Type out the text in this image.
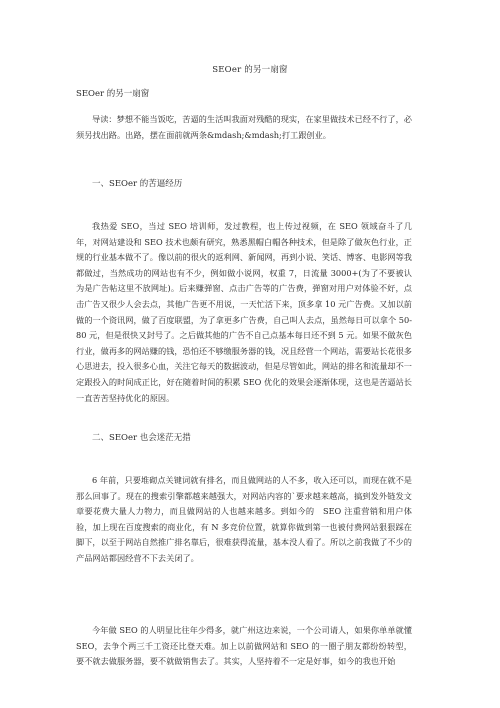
SEOer 的另一扇窗
SEOer 的另一扇窗

导读：梦想不能当饭吃，苦逼的生活叫我面对残酷的现实，在家里做技术已经不行了，必须另找出路。出路，摆在面前就两条&mdash;&mdash;打工跟创业。

一、SEOer 的苦逼经历

我热爱 SEO，当过 SEO 培训师，发过教程，也上传过视频，在 SEO 领域奋斗了几年，对网站建设和 SEO 技术也颇有研究，熟悉黑帽白帽各种技术，但是除了做灰色行业，正规的行业基本做不了。像以前的很火的返利网、新闻网，再到小说、笑话、博客、电影网等我都做过，当然成功的网站也有不少，例如做小说网，权重 7，日流量 3000+(为了不要被认为是广告帖这里不放网址)。后来赚弹窗、点击广告等的广告费，弹窗对用户对体验不好，点击广告又很少人会去点，其他广告更不用说，一天忙活下来，顶多拿 10 元广告费。又加以前做的一个资讯网，做了百度联盟，为了拿更多广告费，自己叫人去点，虽然每日可以拿个 50-80 元，但是很快又封号了。之后做其他的广告不自己点基本每日还不到 5 元。如果不做灰色行业，做再多的网站赚的钱，恐怕还不够缴服务器的钱，况且经营一个网站，需要站长花很多心思进去，投入很多心血，关注它每天的数据波动，但是尽管如此，网站的排名和流量却不一定跟投入的时间成正比，好在随着时间的积累 SEO 优化的效果会逐渐体现，这也是苦逼站长一直苦苦坚持优化的原因。

二、SEOer 也会迷茫无措

6 年前，只要堆砌点关键词就有排名，而且做网站的人不多，收入还可以，而现在就不是那么回事了。现在的搜索引擎都越来越强大，对网站内容的`要求越来越高，搞到发外链发文章要花费大量人力物力，而且做网站的人也越来越多。到如今的　SEO 注重营销和用户体验，加上现在百度搜索的商业化，有 N 多竞价位置，就算你做到第一也被付费网站狠狠踩在脚下，以至于网站自然推广排名靠后，很难获得流量，基本没人看了。所以之前我做了不少的产品网站都因经营不下去关闭了。

今年做 SEO 的人明显比往年少得多，就广州这边来说，一个公司请人，如果你单单就懂 SEO，去争个两三千工资还比登天难。加上以前做网站和 SEO 的一圈子朋友都纷纷转型，要不就去做服务器，要不就做销售去了。其实，人坚持着不一定是好事，如今的我也开始
